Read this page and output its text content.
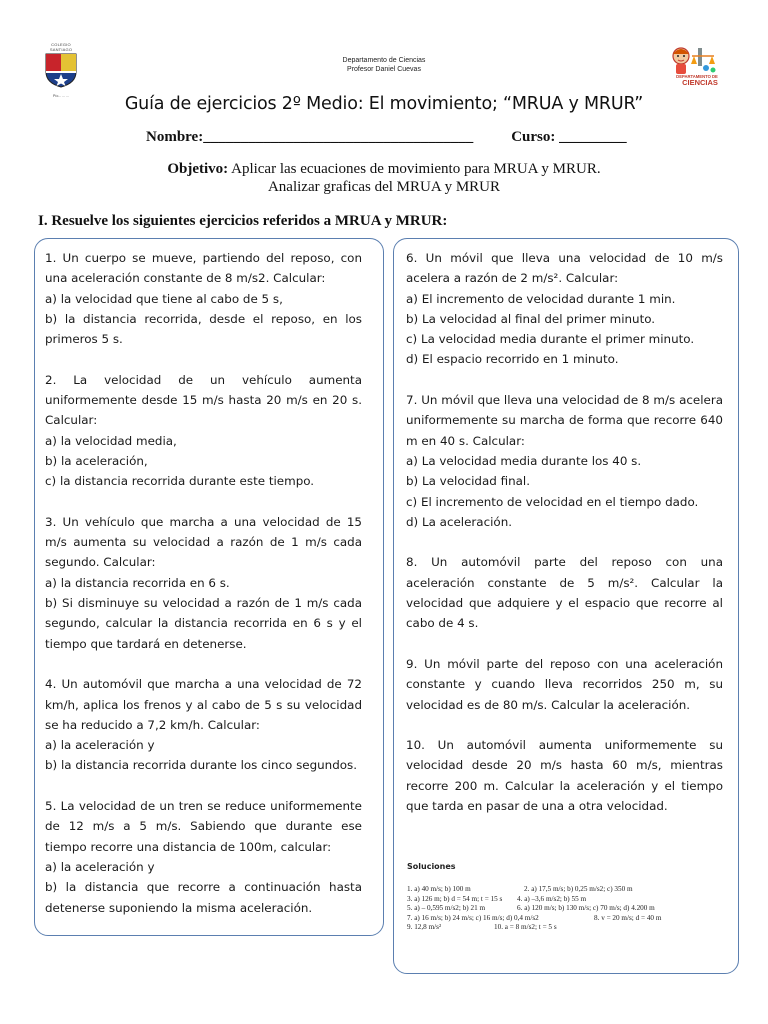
COLEGIO SANTIAGO
Pío... ... ...
DEPARTAMENTO DE
CIENCIAS
Departamento de Ciencias
Profesor Daniel Cuevas
Guía de ejercicios 2º Medio: El movimiento; “MRUA y MRUR”
Nombre:____________________________________	Curso: _________
Objetivo: Aplicar las ecuaciones de movimiento para MRUA y MRUR.
Analizar graficas del MRUA y MRUR
I. Resuelve los siguientes ejercicios referidos a MRUA y MRUR:

1. Un cuerpo se mueve, partiendo del reposo, con una aceleración constante de 8 m/s2. Calcular:

a) la velocidad que tiene al cabo de 5 s,

b) la distancia recorrida, desde el reposo, en los primeros 5 s.

2. La velocidad de un vehículo aumenta uniformemente desde 15 m/s hasta 20 m/s en 20 s. Calcular:

a) la velocidad media,

b) la aceleración,

c) la distancia recorrida durante este tiempo.

3. Un vehículo que marcha a una velocidad de 15 m/s aumenta su velocidad a razón de 1 m/s cada segundo. Calcular:

a) la distancia recorrida en 6 s.

b) Si disminuye su velocidad a razón de 1 m/s cada segundo, calcular la distancia recorrida en 6 s y el tiempo que tardará en detenerse.

4. Un automóvil que marcha a una velocidad de 72 km/h, aplica los frenos y al cabo de 5 s su velocidad se ha reducido a 7,2 km/h. Calcular:

a) la aceleración y

b) la distancia recorrida durante los cinco segundos.

5. La velocidad de un tren se reduce uniformemente de 12 m/s a 5 m/s. Sabiendo que durante ese tiempo recorre una distancia de 100m, calcular:

a) la aceleración y

b) la distancia que recorre a continuación hasta detenerse suponiendo la misma aceleración.

6. Un móvil que lleva una velocidad de 10 m/s acelera a razón de 2 m/s². Calcular:

a) El incremento de velocidad durante 1 min.

b) La velocidad al final del primer minuto.

c) La velocidad media durante el primer minuto.

d) El espacio recorrido en 1 minuto.

7. Un móvil que lleva una velocidad de 8 m/s acelera uniformemente su marcha de forma que recorre 640 m en 40 s. Calcular:

a) La velocidad media durante los 40 s.

b) La velocidad final.

c) El incremento de velocidad en el tiempo dado.

d) La aceleración.

8. Un automóvil parte del reposo con una aceleración constante de 5 m/s². Calcular la velocidad que adquiere y el espacio que recorre al cabo de 4 s.

9. Un móvil parte del reposo con una aceleración constante y cuando lleva recorridos 250 m, su velocidad es de 80 m/s. Calcular la aceleración.

10. Un automóvil aumenta uniformemente su velocidad desde 20 m/s hasta 60 m/s, mientras recorre 200 m. Calcular la aceleración y el tiempo que tarda en pasar de una a otra velocidad.

Soluciones
1. a) 40 m/s; b) 100 m	2. a) 17,5 m/s; b) 0,25 m/s2; c) 350 m
3. a) 126 m; b) d = 54 m; t = 15 s 4. a) –3,6 m/s2; b) 55 m
5. a) – 0,595 m/s2; b) 21 m	6. a) 120 m/s; b) 130 m/s; c) 70 m/s; d) 4.200 m
7. a) 16 m/s; b) 24 m/s; c) 16 m/s; d) 0,4 m/s2	8. v = 20 m/s; d = 40 m
9. 12,8 m/s²	10. a = 8 m/s2; t = 5 s
